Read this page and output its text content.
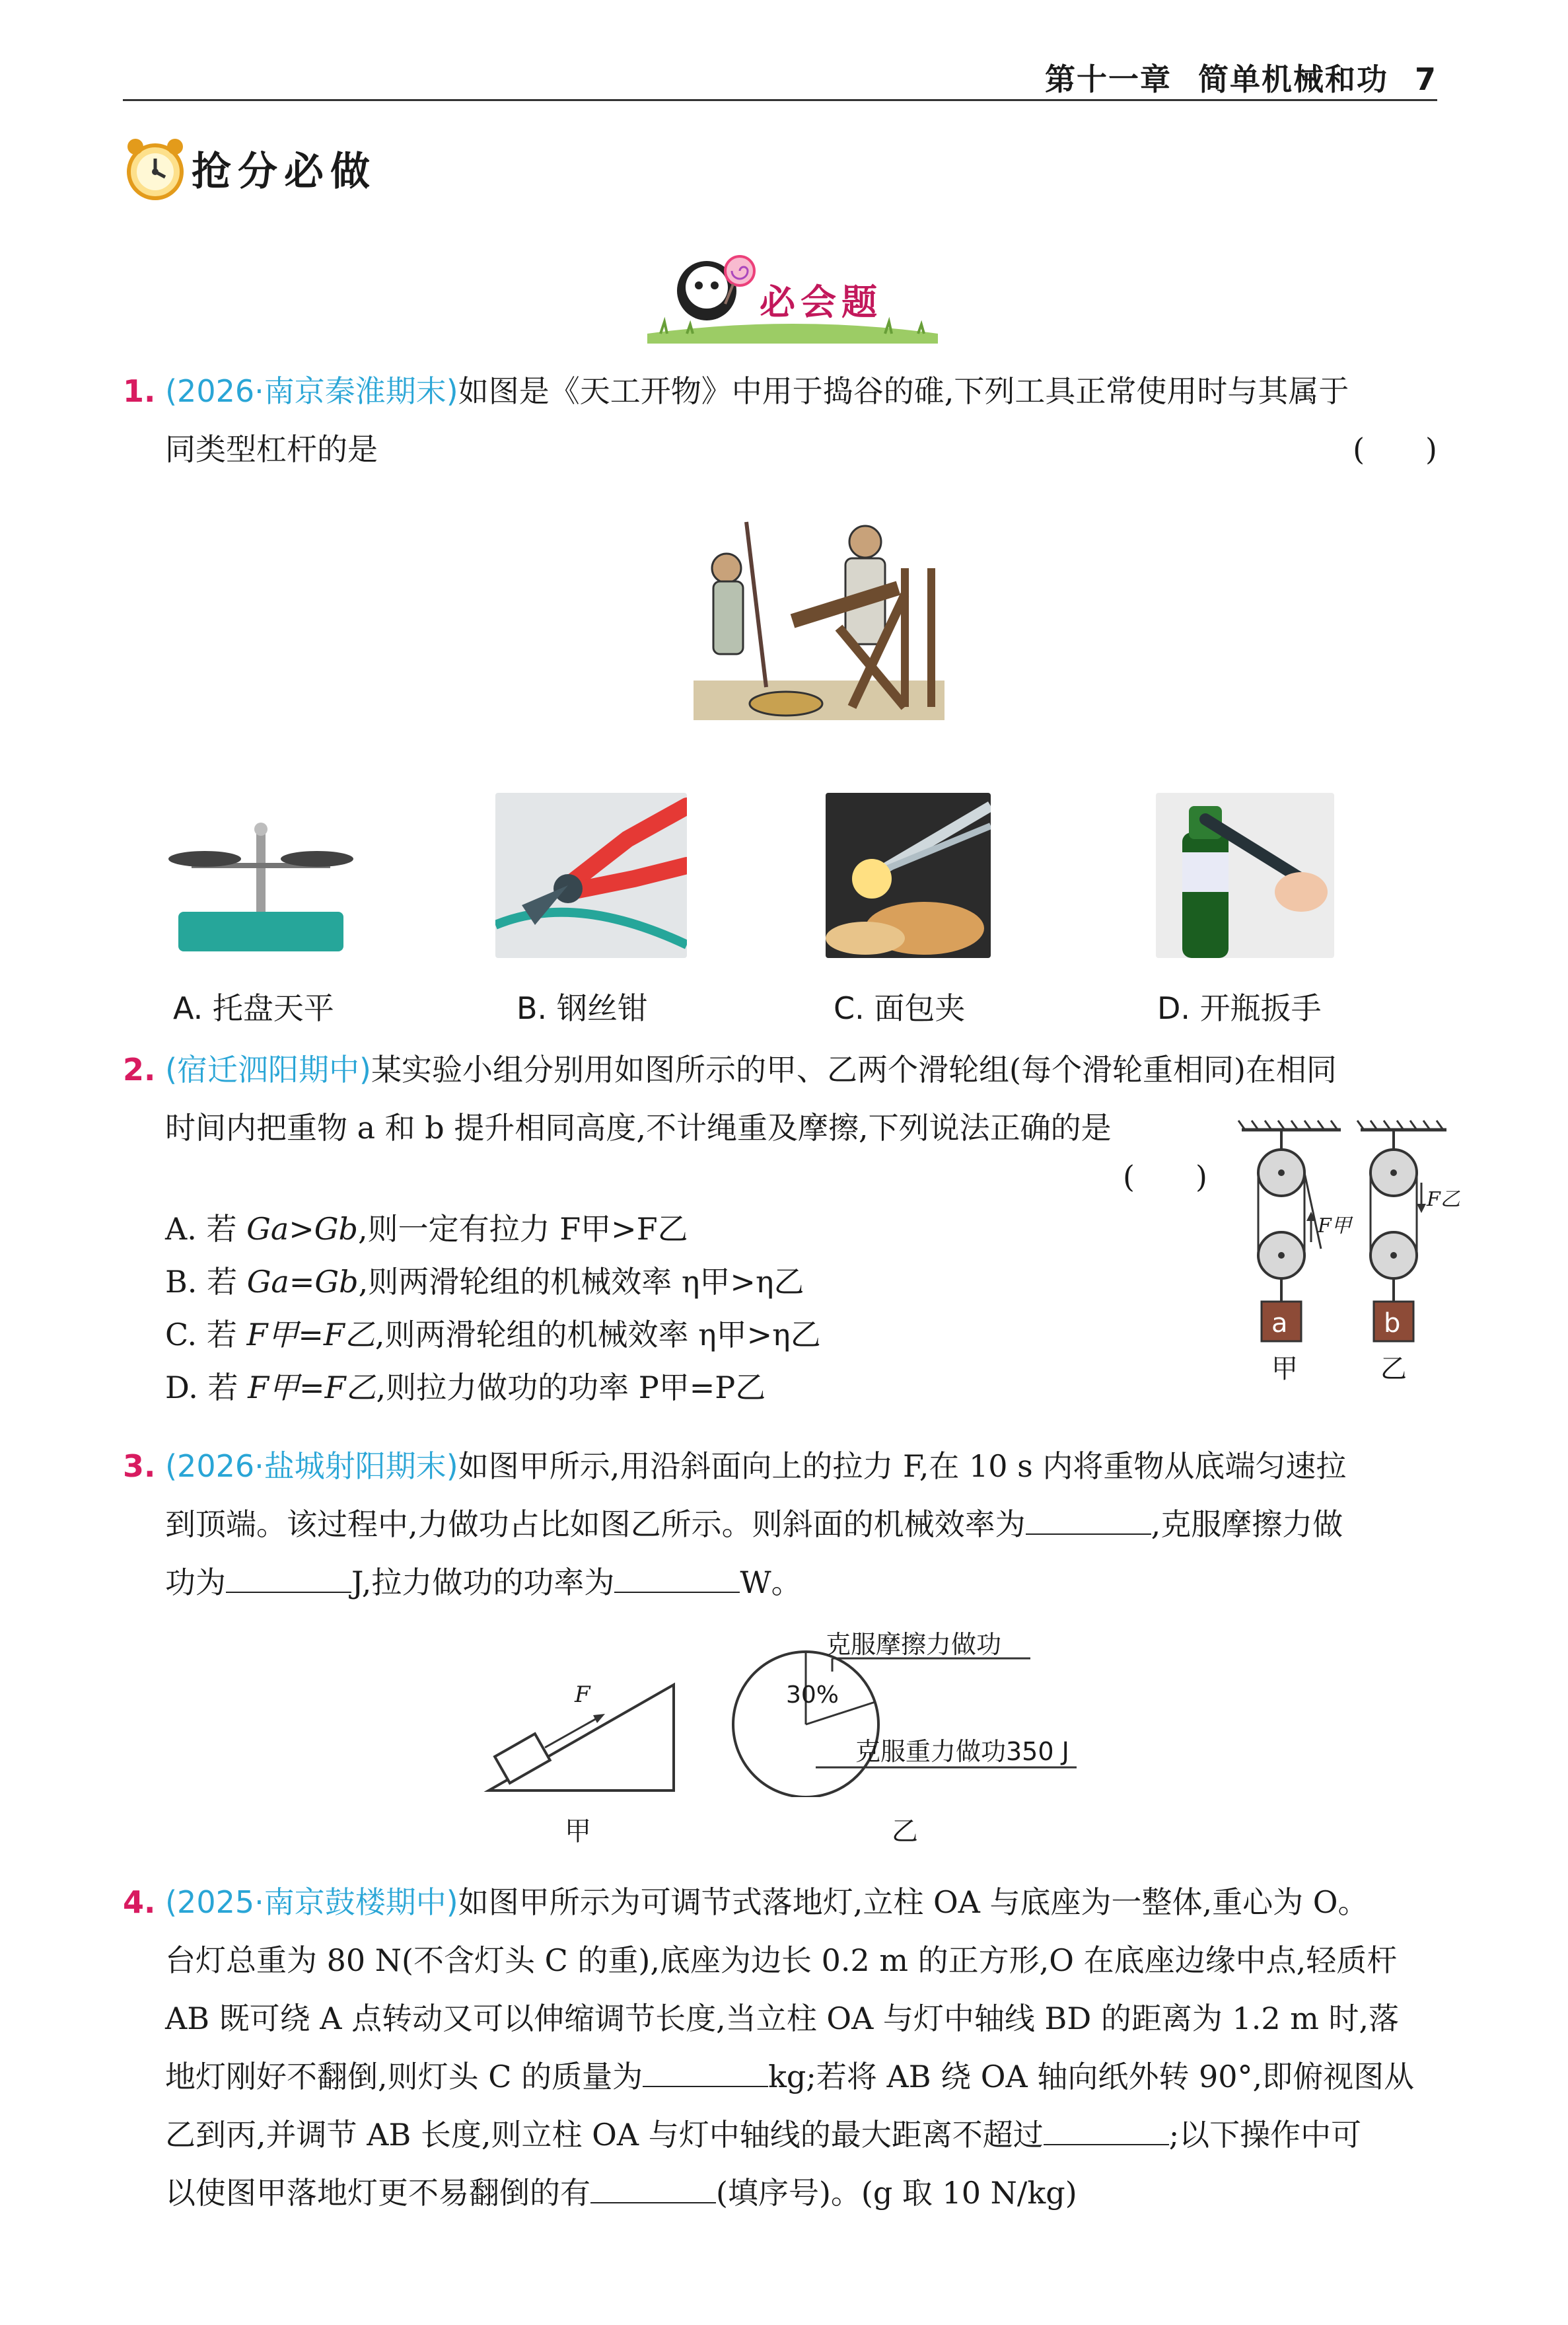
第十一章 简单机械和功 7
抢分必做
必会题
1. (2026·南京秦淮期末)如图是《天工开物》中用于捣谷的碓,下列工具正常使用时与其属于
同类型杠杆的是	(　　)
A. 托盘天平	B. 钢丝钳	C. 面包夹	D. 开瓶扳手
2. (宿迁泗阳期中)某实验小组分别用如图所示的甲、乙两个滑轮组(每个滑轮重相同)在相同
时间内把重物 a 和 b 提升相同高度,不计绳重及摩擦,下列说法正确的是
(　　)
A. 若 Ga>Gb,则一定有拉力 F甲>F乙
B. 若 Ga=Gb,则两滑轮组的机械效率 η甲>η乙
C. 若 F甲=F乙,则两滑轮组的机械效率 η甲>η乙
D. 若 F甲=F乙,则拉力做功的功率 P甲=P乙
a	b
甲	乙
F甲
F乙
3. (2026·盐城射阳期末)如图甲所示,用沿斜面向上的拉力 F,在 10 s 内将重物从底端匀速拉
到顶端。该过程中,力做功占比如图乙所示。则斜面的机械效率为	,克服摩擦力做
功为	J,拉力做功的功率为	W。
F
甲
30%
克服摩擦力做功
克服重力做功350 J
乙
4. (2025·南京鼓楼期中)如图甲所示为可调节式落地灯,立柱 OA 与底座为一整体,重心为 O。
台灯总重为 80 N(不含灯头 C 的重),底座为边长 0.2 m 的正方形,O 在底座边缘中点,轻质杆
AB 既可绕 A 点转动又可以伸缩调节长度,当立柱 OA 与灯中轴线 BD 的距离为 1.2 m 时,落
地灯刚好不翻倒,则灯头 C 的质量为	kg;若将 AB 绕 OA 轴向纸外转 90°,即俯视图从
乙到丙,并调节 AB 长度,则立柱 OA 与灯中轴线的最大距离不超过	;以下操作中可
以使图甲落地灯更不易翻倒的有	(填序号)。(g 取 10 N/kg)
